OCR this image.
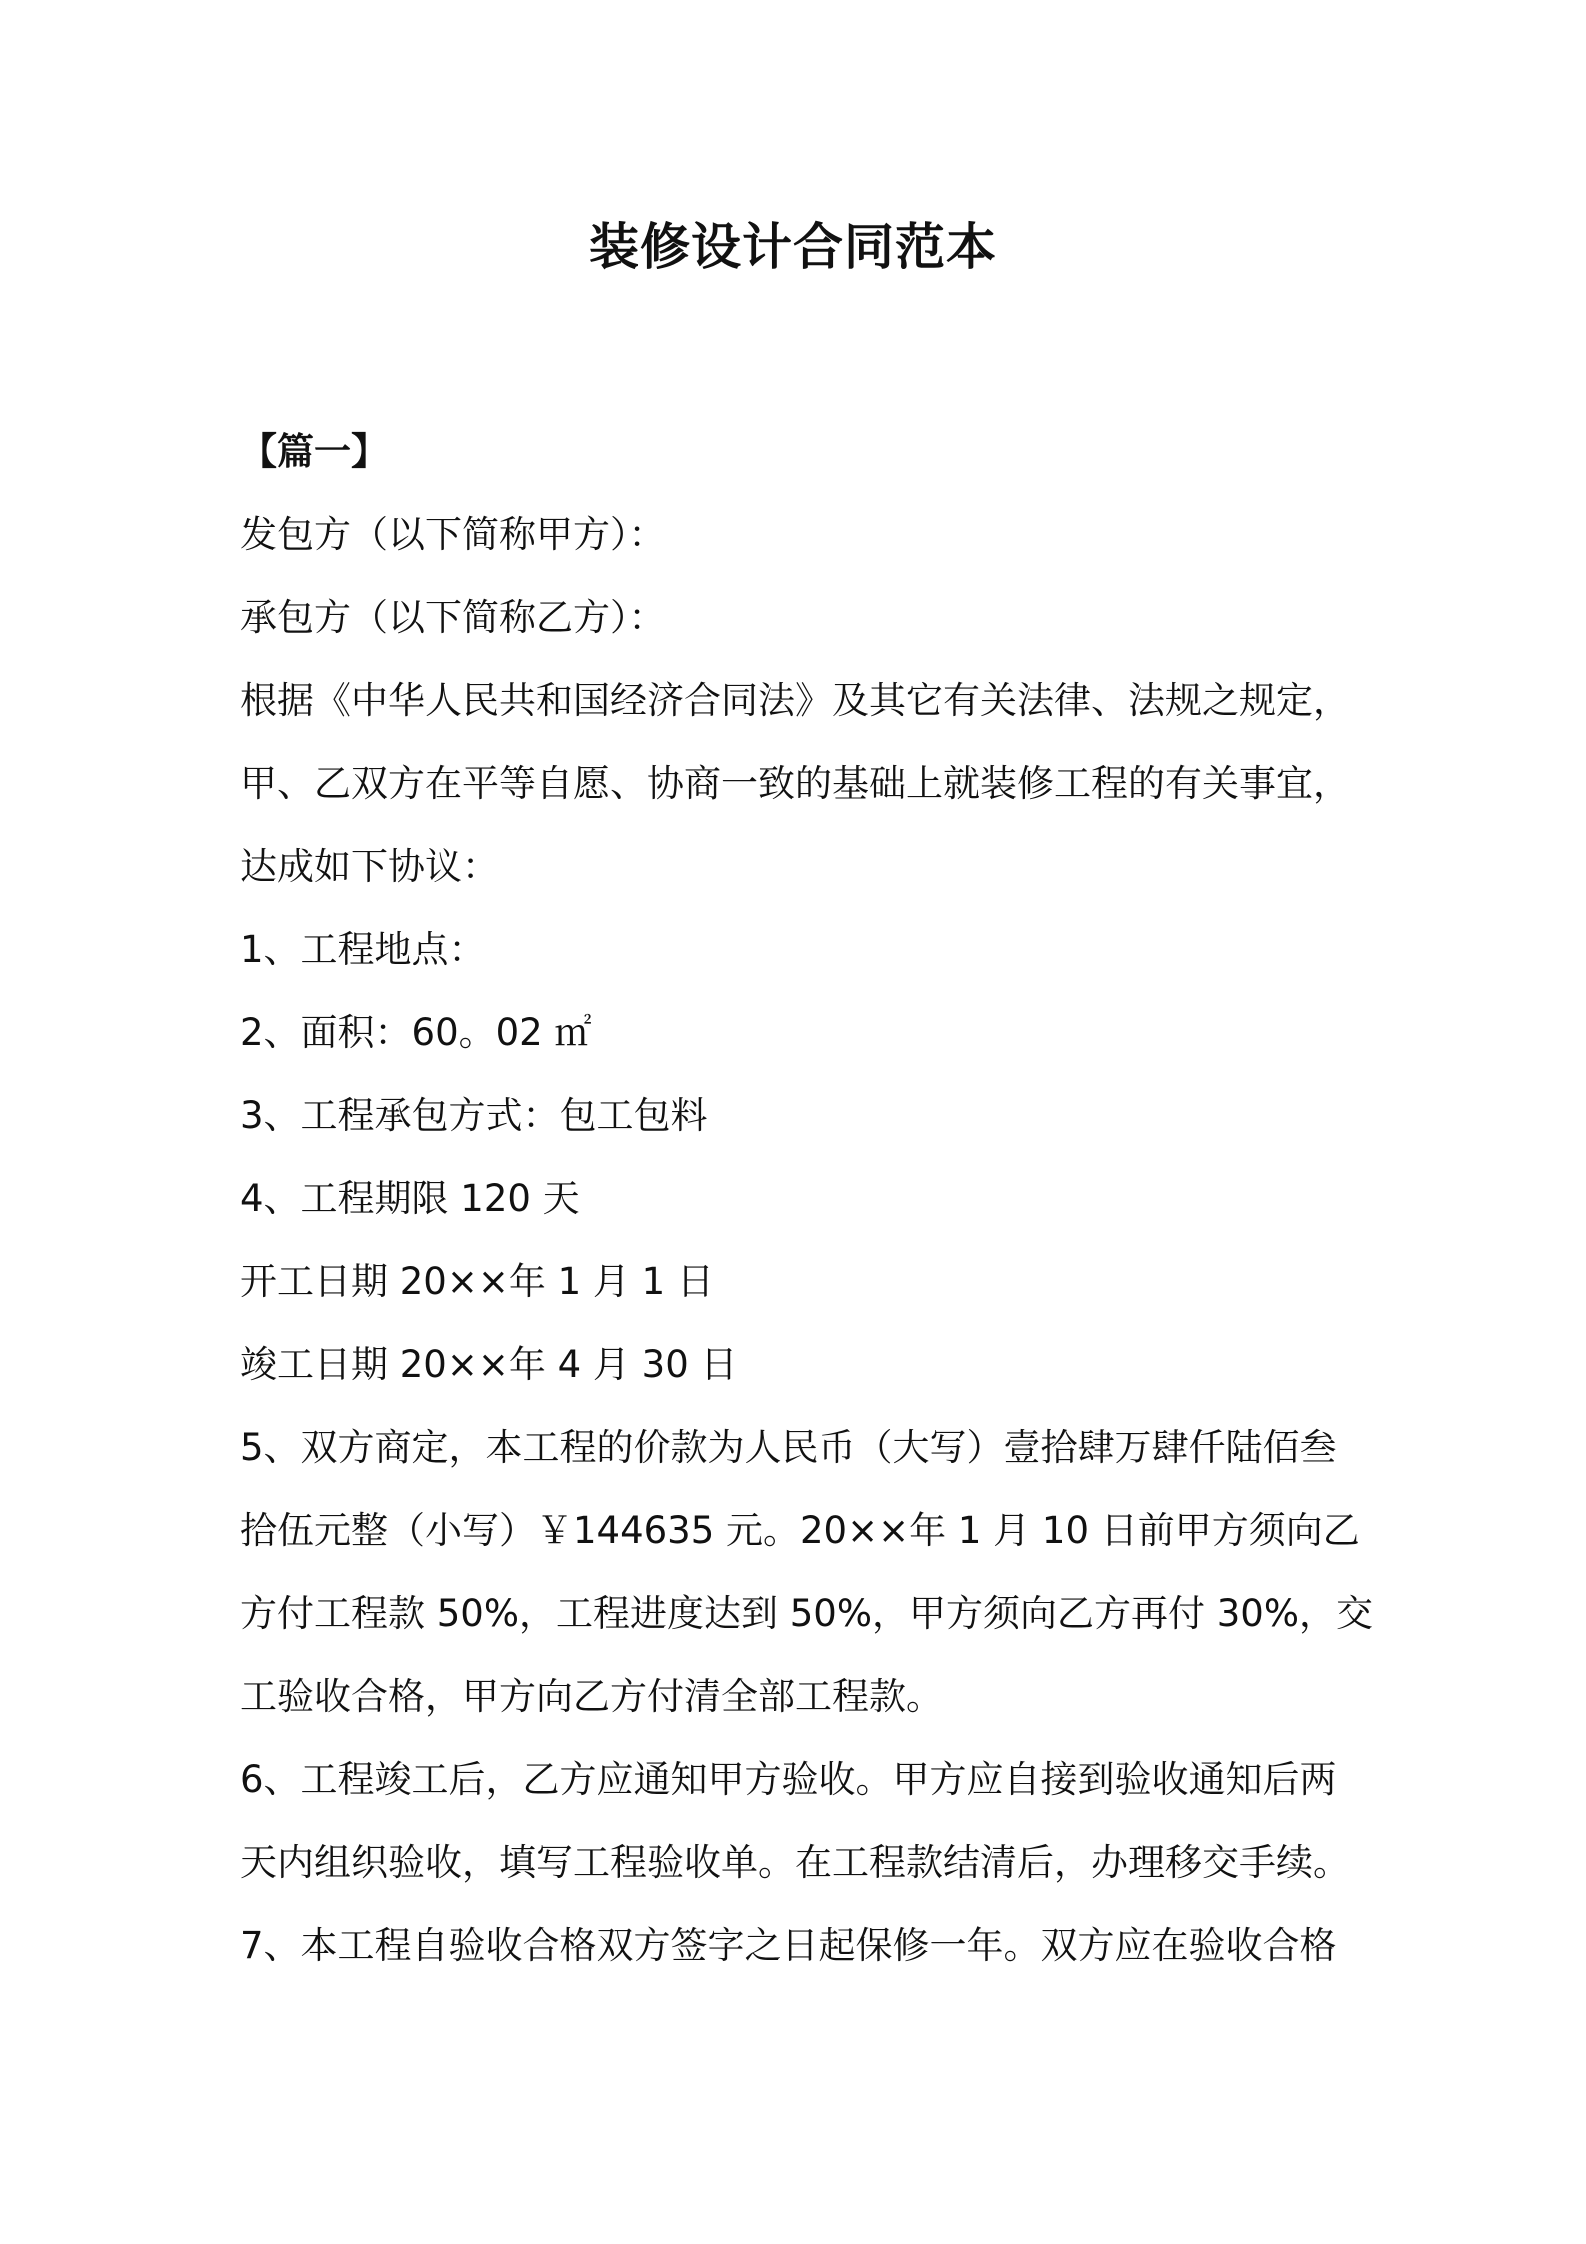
装修设计合同范本
【篇一】
发包方（以下简称甲方）：
承包方（以下简称乙方）：
根据《中华人民共和国经济合同法》及其它有关法律、法规之规定，
甲、乙双方在平等自愿、协商一致的基础上就装修工程的有关事宜，
达成如下协议：
1、工程地点：
2、面积：60。02 ㎡
3、工程承包方式：包工包料
4、工程期限 120 天
开工日期 20××年 1 月 1 日
竣工日期 20××年 4 月 30 日
5、双方商定，本工程的价款为人民币（大写）壹拾肆万肆仟陆佰叁
拾伍元整（小写）￥144635 元。20××年 1 月 10 日前甲方须向乙
方付工程款 50%，工程进度达到 50%，甲方须向乙方再付 30%，交
工验收合格，甲方向乙方付清全部工程款。
6、工程竣工后，乙方应通知甲方验收。甲方应自接到验收通知后两
天内组织验收，填写工程验收单。在工程款结清后，办理移交手续。
7、本工程自验收合格双方签字之日起保修一年。双方应在验收合格
